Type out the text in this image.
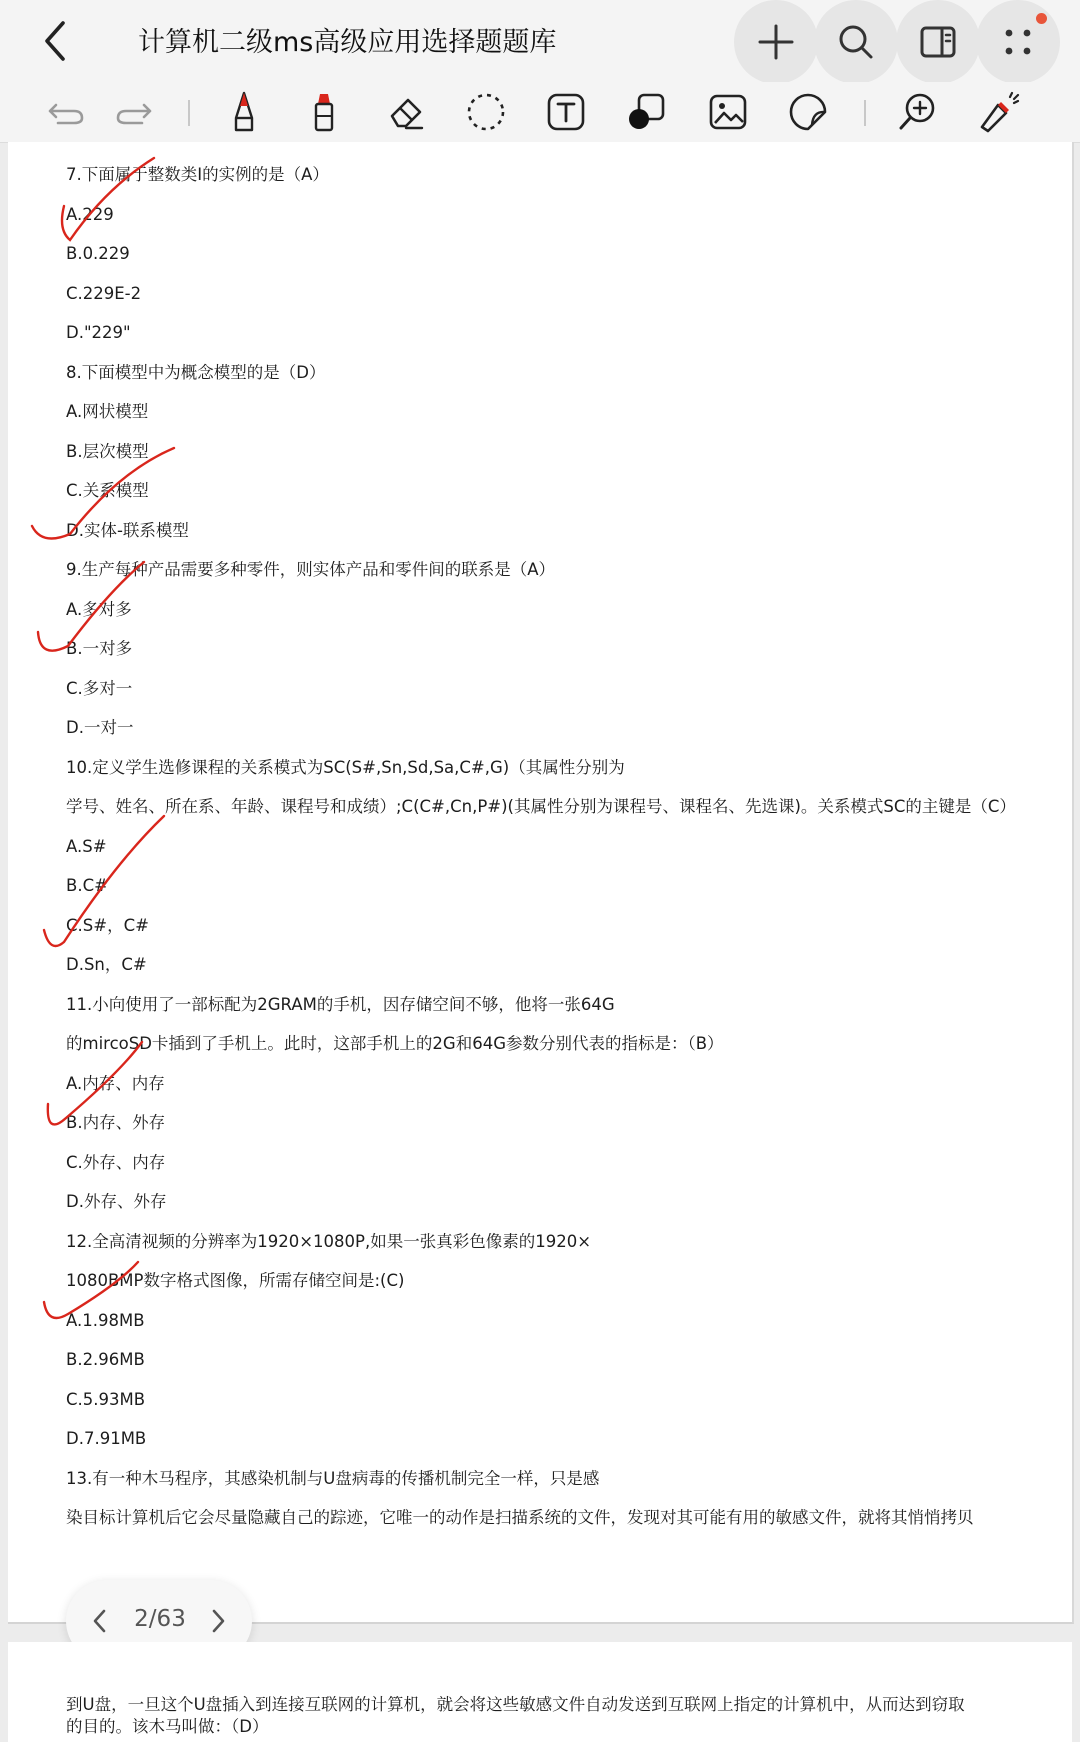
计算机二级ms高级应用选择题题库
7.下面属于整数类I的实例的是（A）
A.229
B.0.229
C.229E-2
D."229"
8.下面模型中为概念模型的是（D）
A.网状模型
B.层次模型
C.关系模型
D.实体-联系模型
9.生产每种产品需要多种零件，则实体产品和零件间的联系是（A）
A.多对多
B.一对多
C.多对一
D.一对一
10.定义学生选修课程的关系模式为SC(S#,Sn,Sd,Sa,C#,G)（其属性分别为
学号、姓名、所在系、年龄、课程号和成绩）;C(C#,Cn,P#)(其属性分别为课程号、课程名、先选课)。关系模式SC的主键是（C）
A.S#
B.C#
C.S#，C#
D.Sn，C#
11.小向使用了一部标配为2GRAM的手机，因存储空间不够，他将一张64G
的mircoSD卡插到了手机上。此时，这部手机上的2G和64G参数分别代表的指标是：（B）
A.内存、内存
B.内存、外存
C.外存、内存
D.外存、外存
12.全高清视频的分辨率为1920×1080P,如果一张真彩色像素的1920×
1080BMP数字格式图像，所需存储空间是:(C)
A.1.98MB
B.2.96MB
C.5.93MB
D.7.91MB
13.有一种木马程序，其感染机制与U盘病毒的传播机制完全一样，只是感
染目标计算机后它会尽量隐藏自己的踪迹，它唯一的动作是扫描系统的文件，发现对其可能有用的敏感文件，就将其悄悄拷贝
2/63
到U盘，一旦这个U盘插入到连接互联网的计算机，就会将这些敏感文件自动发送到互联网上指定的计算机中，从而达到窃取
的目的。该木马叫做：（D）
